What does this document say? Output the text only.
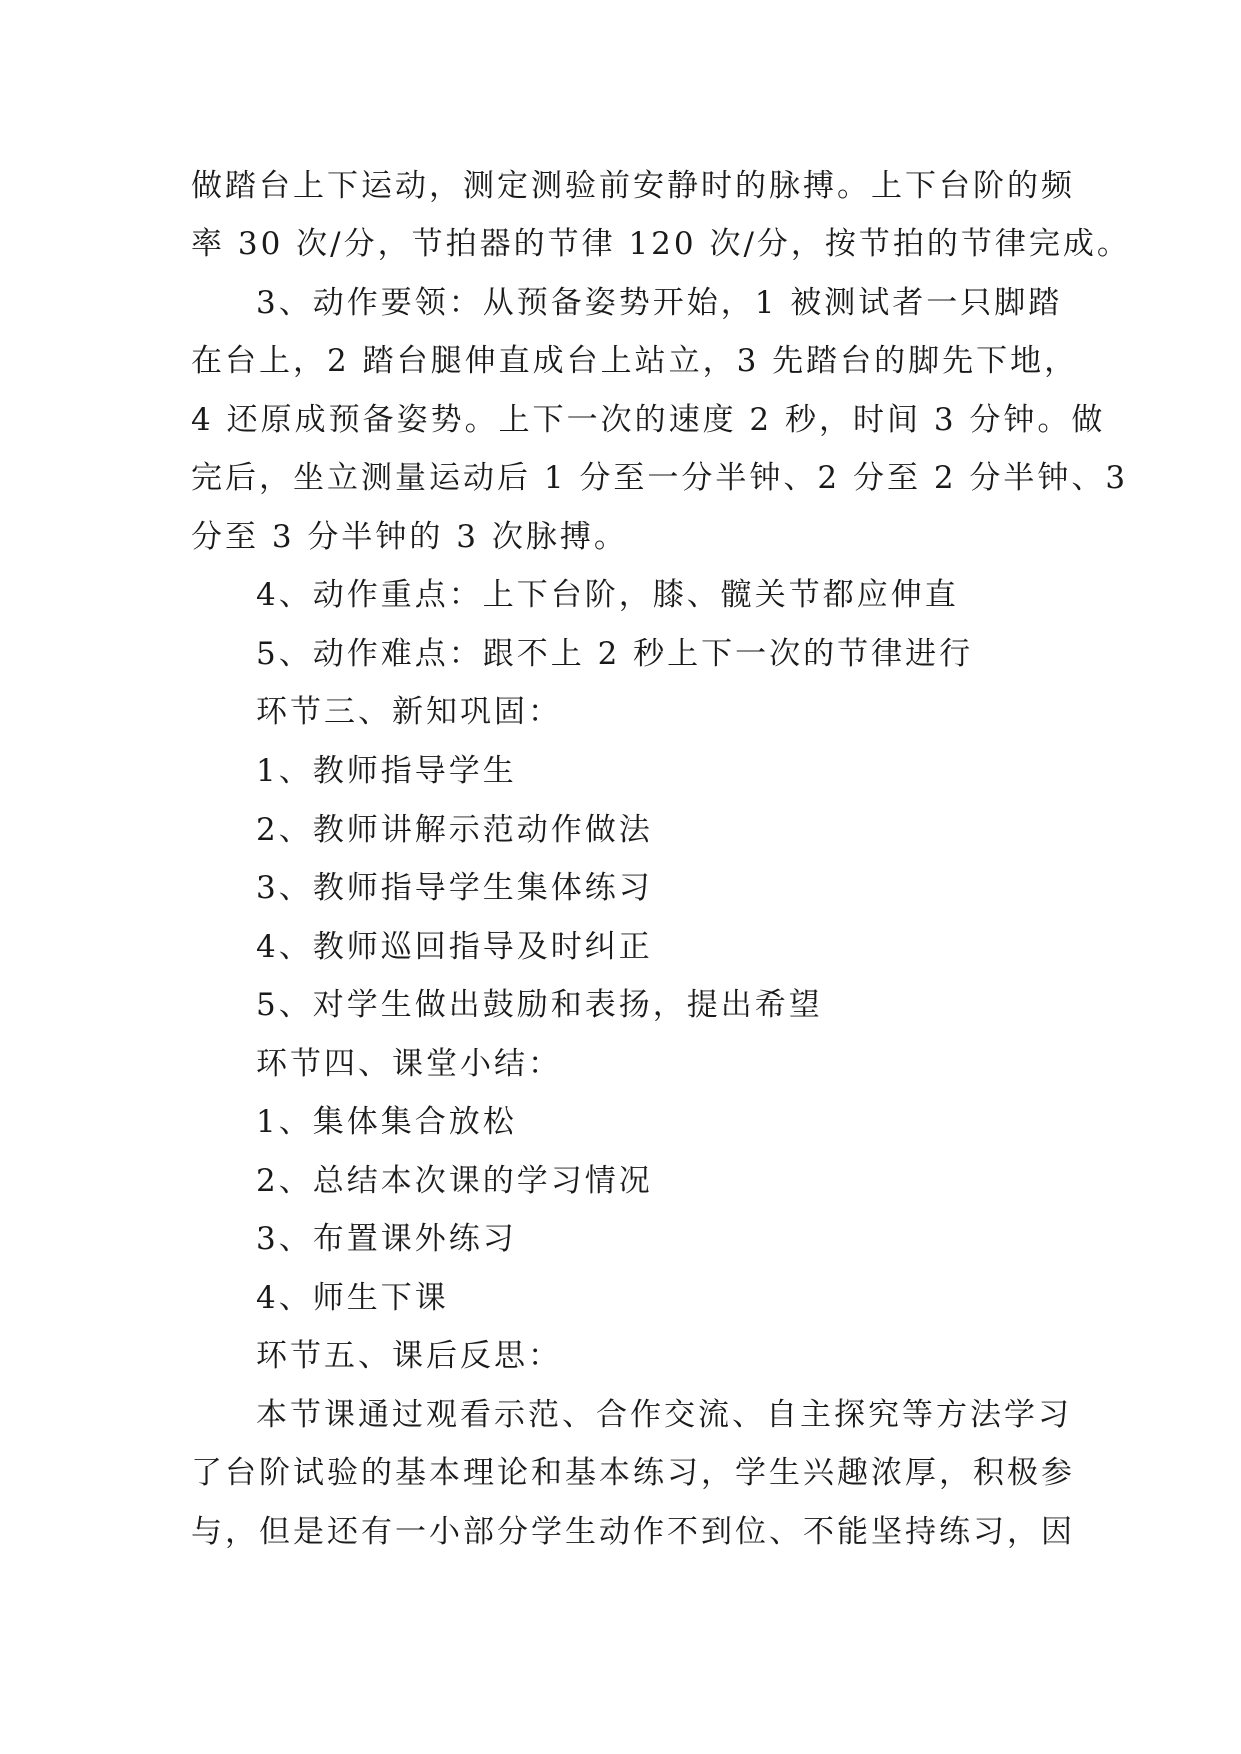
做踏台上下运动，测定测验前安静时的脉搏。上下台阶的频
率 30 次/分，节拍器的节律 120 次/分，按节拍的节律完成。
3、动作要领：从预备姿势开始，1 被测试者一只脚踏
在台上，2 踏台腿伸直成台上站立，3 先踏台的脚先下地，
4 还原成预备姿势。上下一次的速度 2 秒，时间 3 分钟。做
完后，坐立测量运动后 1 分至一分半钟、2 分至 2 分半钟、3
分至 3 分半钟的 3 次脉搏。
4、动作重点：上下台阶，膝、髋关节都应伸直
5、动作难点：跟不上 2 秒上下一次的节律进行
环节三、新知巩固：
1、教师指导学生
2、教师讲解示范动作做法
3、教师指导学生集体练习
4、教师巡回指导及时纠正
5、对学生做出鼓励和表扬，提出希望
环节四、课堂小结：
1、集体集合放松
2、总结本次课的学习情况
3、布置课外练习
4、师生下课
环节五、课后反思：
本节课通过观看示范、合作交流、自主探究等方法学习
了台阶试验的基本理论和基本练习，学生兴趣浓厚，积极参
与，但是还有一小部分学生动作不到位、不能坚持练习，因
